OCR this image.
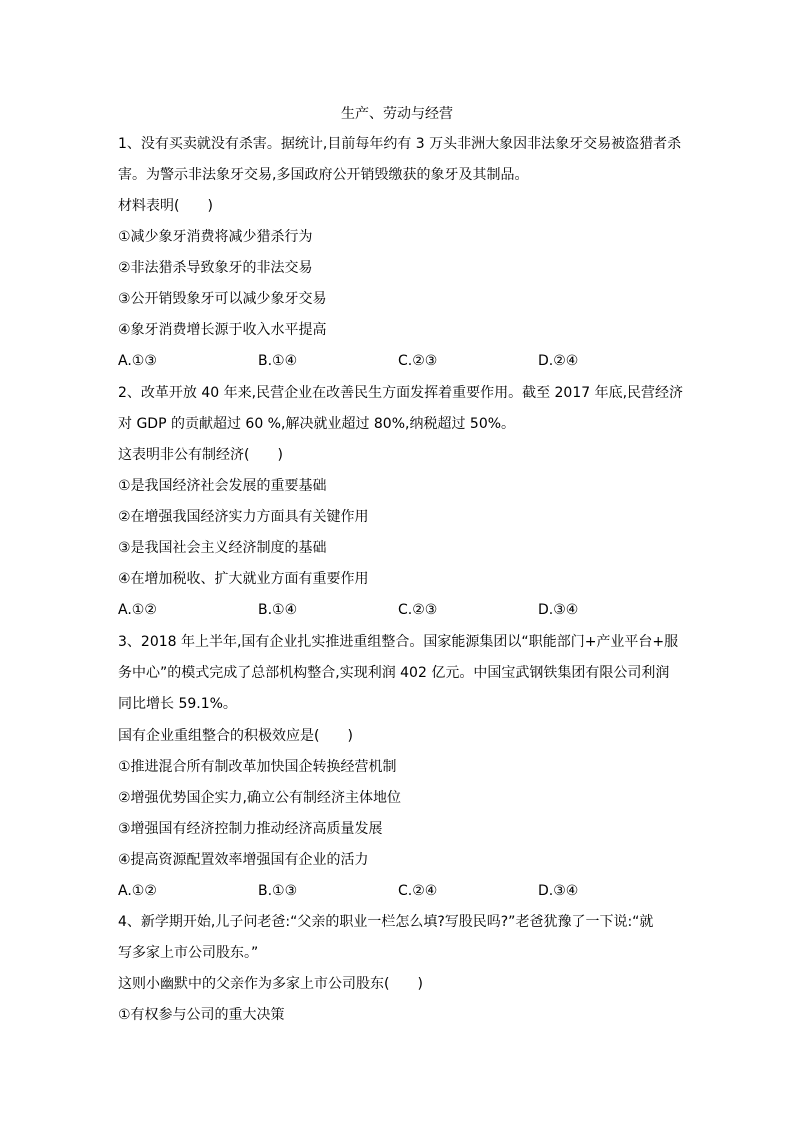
生产、劳动与经营
1、没有买卖就没有杀害。据统计,目前每年约有 3 万头非洲大象因非法象牙交易被盗猎者杀
害。为警示非法象牙交易,多国政府公开销毁缴获的象牙及其制品。
材料表明(　　)
①减少象牙消费将减少猎杀行为
②非法猎杀导致象牙的非法交易
③公开销毁象牙可以减少象牙交易
④象牙消费增长源于收入水平提高
A.①③	B.①④	C.②③	D.②④
2、改革开放 40 年来,民营企业在改善民生方面发挥着重要作用。截至 2017 年底,民营经济
对 GDP 的贡献超过 60 %,解决就业超过 80%,纳税超过 50%。
这表明非公有制经济(　　)
①是我国经济社会发展的重要基础
②在增强我国经济实力方面具有关键作用
③是我国社会主义经济制度的基础
④在增加税收、扩大就业方面有重要作用
A.①②	B.①④	C.②③	D.③④
3、2018 年上半年,国有企业扎实推进重组整合。国家能源集团以“职能部门+产业平台+服
务中心”的模式完成了总部机构整合,实现利润 402 亿元。中国宝武钢铁集团有限公司利润
同比增长 59.1%。
国有企业重组整合的积极效应是(　　)
①推进混合所有制改革加快国企转换经营机制
②增强优势国企实力,确立公有制经济主体地位
③增强国有经济控制力推动经济高质量发展
④提高资源配置效率增强国有企业的活力
A.①②	B.①③	C.②④	D.③④
4、新学期开始,儿子问老爸:“父亲的职业一栏怎么填?写股民吗?”老爸犹豫了一下说:“就
写多家上市公司股东。”
这则小幽默中的父亲作为多家上市公司股东(　　)
①有权参与公司的重大决策
